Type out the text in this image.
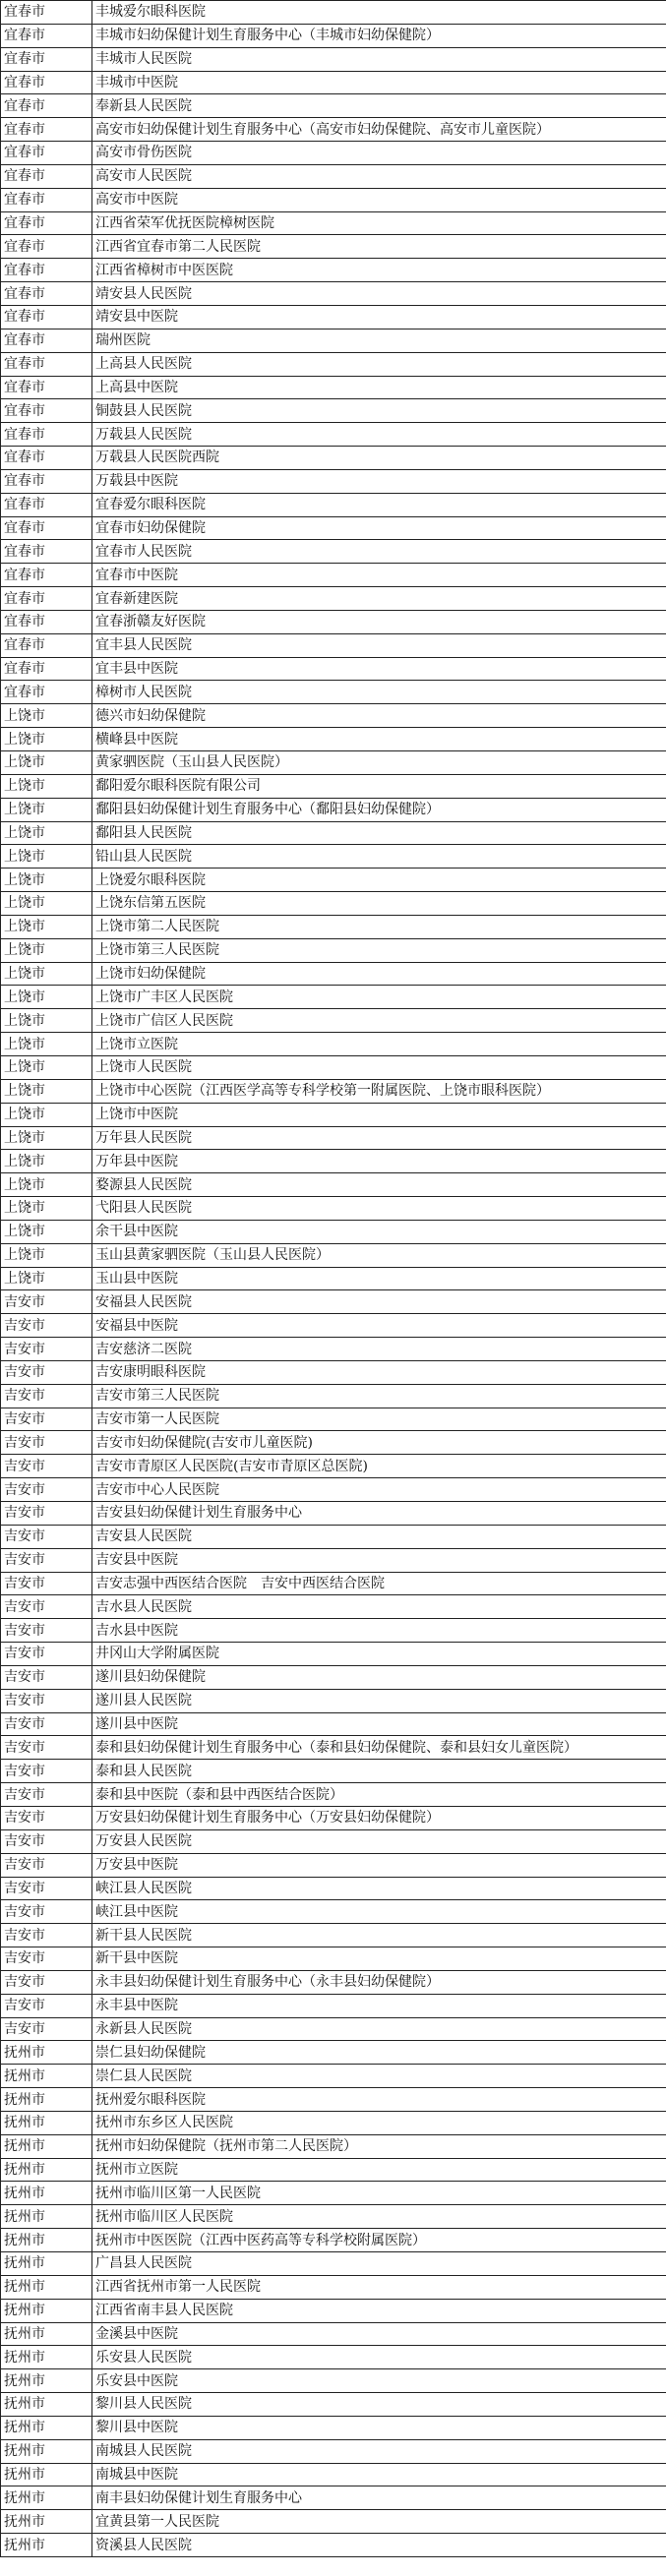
宜春市	丰城爱尔眼科医院
宜春市	丰城市妇幼保健计划生育服务中心（丰城市妇幼保健院）
宜春市	丰城市人民医院
宜春市	丰城市中医院
宜春市	奉新县人民医院
宜春市	高安市妇幼保健计划生育服务中心（高安市妇幼保健院、高安市儿童医院）
宜春市	高安市骨伤医院
宜春市	高安市人民医院
宜春市	高安市中医院
宜春市	江西省荣军优抚医院樟树医院
宜春市	江西省宜春市第二人民医院
宜春市	江西省樟树市中医医院
宜春市	靖安县人民医院
宜春市	靖安县中医院
宜春市	瑞州医院
宜春市	上高县人民医院
宜春市	上高县中医院
宜春市	铜鼓县人民医院
宜春市	万载县人民医院
宜春市	万载县人民医院西院
宜春市	万载县中医院
宜春市	宜春爱尔眼科医院
宜春市	宜春市妇幼保健院
宜春市	宜春市人民医院
宜春市	宜春市中医院
宜春市	宜春新建医院
宜春市	宜春浙赣友好医院
宜春市	宜丰县人民医院
宜春市	宜丰县中医院
宜春市	樟树市人民医院
上饶市	德兴市妇幼保健院
上饶市	横峰县中医院
上饶市	黄家驷医院（玉山县人民医院）
上饶市	鄱阳爱尔眼科医院有限公司
上饶市	鄱阳县妇幼保健计划生育服务中心（鄱阳县妇幼保健院）
上饶市	鄱阳县人民医院
上饶市	铅山县人民医院
上饶市	上饶爱尔眼科医院
上饶市	上饶东信第五医院
上饶市	上饶市第二人民医院
上饶市	上饶市第三人民医院
上饶市	上饶市妇幼保健院
上饶市	上饶市广丰区人民医院
上饶市	上饶市广信区人民医院
上饶市	上饶市立医院
上饶市	上饶市人民医院
上饶市	上饶市中心医院（江西医学高等专科学校第一附属医院、上饶市眼科医院）
上饶市	上饶市中医院
上饶市	万年县人民医院
上饶市	万年县中医院
上饶市	婺源县人民医院
上饶市	弋阳县人民医院
上饶市	余干县中医院
上饶市	玉山县黄家驷医院（玉山县人民医院）
上饶市	玉山县中医院
吉安市	安福县人民医院
吉安市	安福县中医院
吉安市	吉安慈济二医院
吉安市	吉安康明眼科医院
吉安市	吉安市第三人民医院
吉安市	吉安市第一人民医院
吉安市	吉安市妇幼保健院(吉安市儿童医院)
吉安市	吉安市青原区人民医院(吉安市青原区总医院)
吉安市	吉安市中心人民医院
吉安市	吉安县妇幼保健计划生育服务中心
吉安市	吉安县人民医院
吉安市	吉安县中医院
吉安市	吉安志强中西医结合医院　吉安中西医结合医院
吉安市	吉水县人民医院
吉安市	吉水县中医院
吉安市	井冈山大学附属医院
吉安市	遂川县妇幼保健院
吉安市	遂川县人民医院
吉安市	遂川县中医院
吉安市	泰和县妇幼保健计划生育服务中心（泰和县妇幼保健院、泰和县妇女儿童医院）
吉安市	泰和县人民医院
吉安市	泰和县中医院（泰和县中西医结合医院）
吉安市	万安县妇幼保健计划生育服务中心（万安县妇幼保健院）
吉安市	万安县人民医院
吉安市	万安县中医院
吉安市	峡江县人民医院
吉安市	峡江县中医院
吉安市	新干县人民医院
吉安市	新干县中医院
吉安市	永丰县妇幼保健计划生育服务中心（永丰县妇幼保健院）
吉安市	永丰县中医院
吉安市	永新县人民医院
抚州市	崇仁县妇幼保健院
抚州市	崇仁县人民医院
抚州市	抚州爱尔眼科医院
抚州市	抚州市东乡区人民医院
抚州市	抚州市妇幼保健院（抚州市第二人民医院）
抚州市	抚州市立医院
抚州市	抚州市临川区第一人民医院
抚州市	抚州市临川区人民医院
抚州市	抚州市中医医院（江西中医药高等专科学校附属医院）
抚州市	广昌县人民医院
抚州市	江西省抚州市第一人民医院
抚州市	江西省南丰县人民医院
抚州市	金溪县中医院
抚州市	乐安县人民医院
抚州市	乐安县中医院
抚州市	黎川县人民医院
抚州市	黎川县中医院
抚州市	南城县人民医院
抚州市	南城县中医院
抚州市	南丰县妇幼保健计划生育服务中心
抚州市	宜黄县第一人民医院
抚州市	资溪县人民医院
